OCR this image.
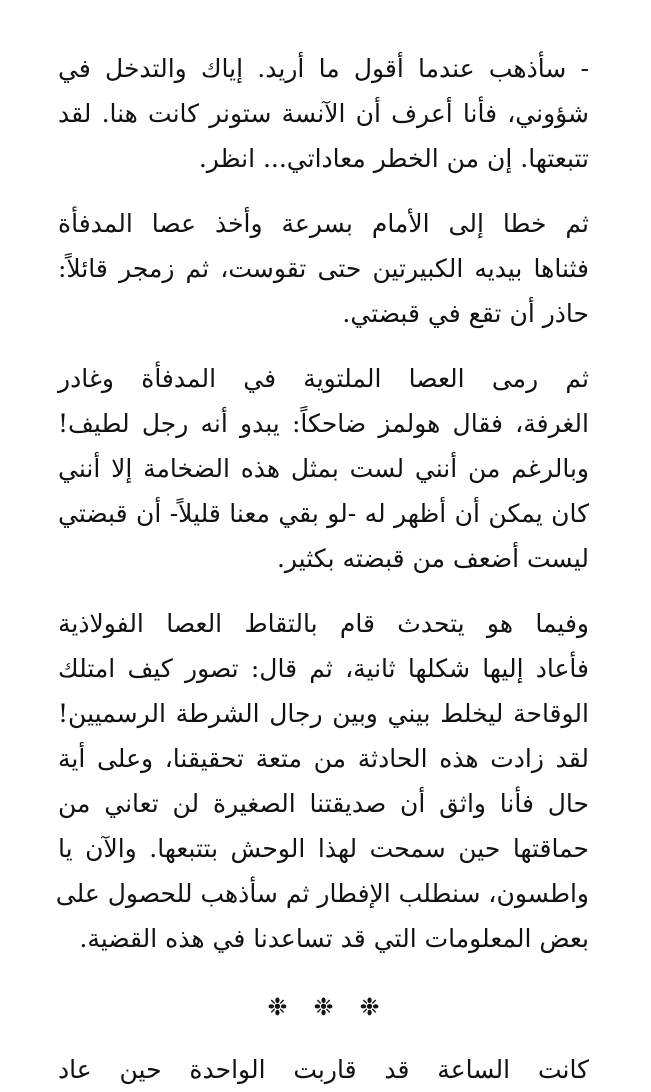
- سأذهب عندما أقول ما أريد. إياك والتدخل في
شؤوني، فأنا أعرف أن الآنسة ستونر كانت هنا. لقد
تتبعتها. إن من الخطر معاداتي... انظر.

ثم خطا إلى الأمام بسرعة وأخذ عصا المدفأة
فثناها بيديه الكبيرتين حتى تقوست، ثم زمجر قائلاً:
حاذر أن تقع في قبضتي.

ثم رمى العصا الملتوية في المدفأة وغادر
الغرفة، فقال هولمز ضاحكاً: يبدو أنه رجل لطيف!
وبالرغم من أنني لست بمثل هذه الضخامة إلا أنني
كان يمكن أن أظهر له -لو بقي معنا قليلاً- أن قبضتي
ليست أضعف من قبضته بكثير.

وفيما هو يتحدث قام بالتقاط العصا الفولاذية
فأعاد إليها شكلها ثانية، ثم قال: تصور كيف امتلك
الوقاحة ليخلط بيني وبين رجال الشرطة الرسميين!
لقد زادت هذه الحادثة من متعة تحقيقنا، وعلى أية
حال فأنا واثق أن صديقتنا الصغيرة لن تعاني من
حماقتها حين سمحت لهذا الوحش بتتبعها. والآن يا
واطسون، سنطلب الإفطار ثم سأذهب للحصول على
بعض المعلومات التي قد تساعدنا في هذه القضية.

❉❉❉

كانت الساعة قد قاربت الواحدة حين عاد
